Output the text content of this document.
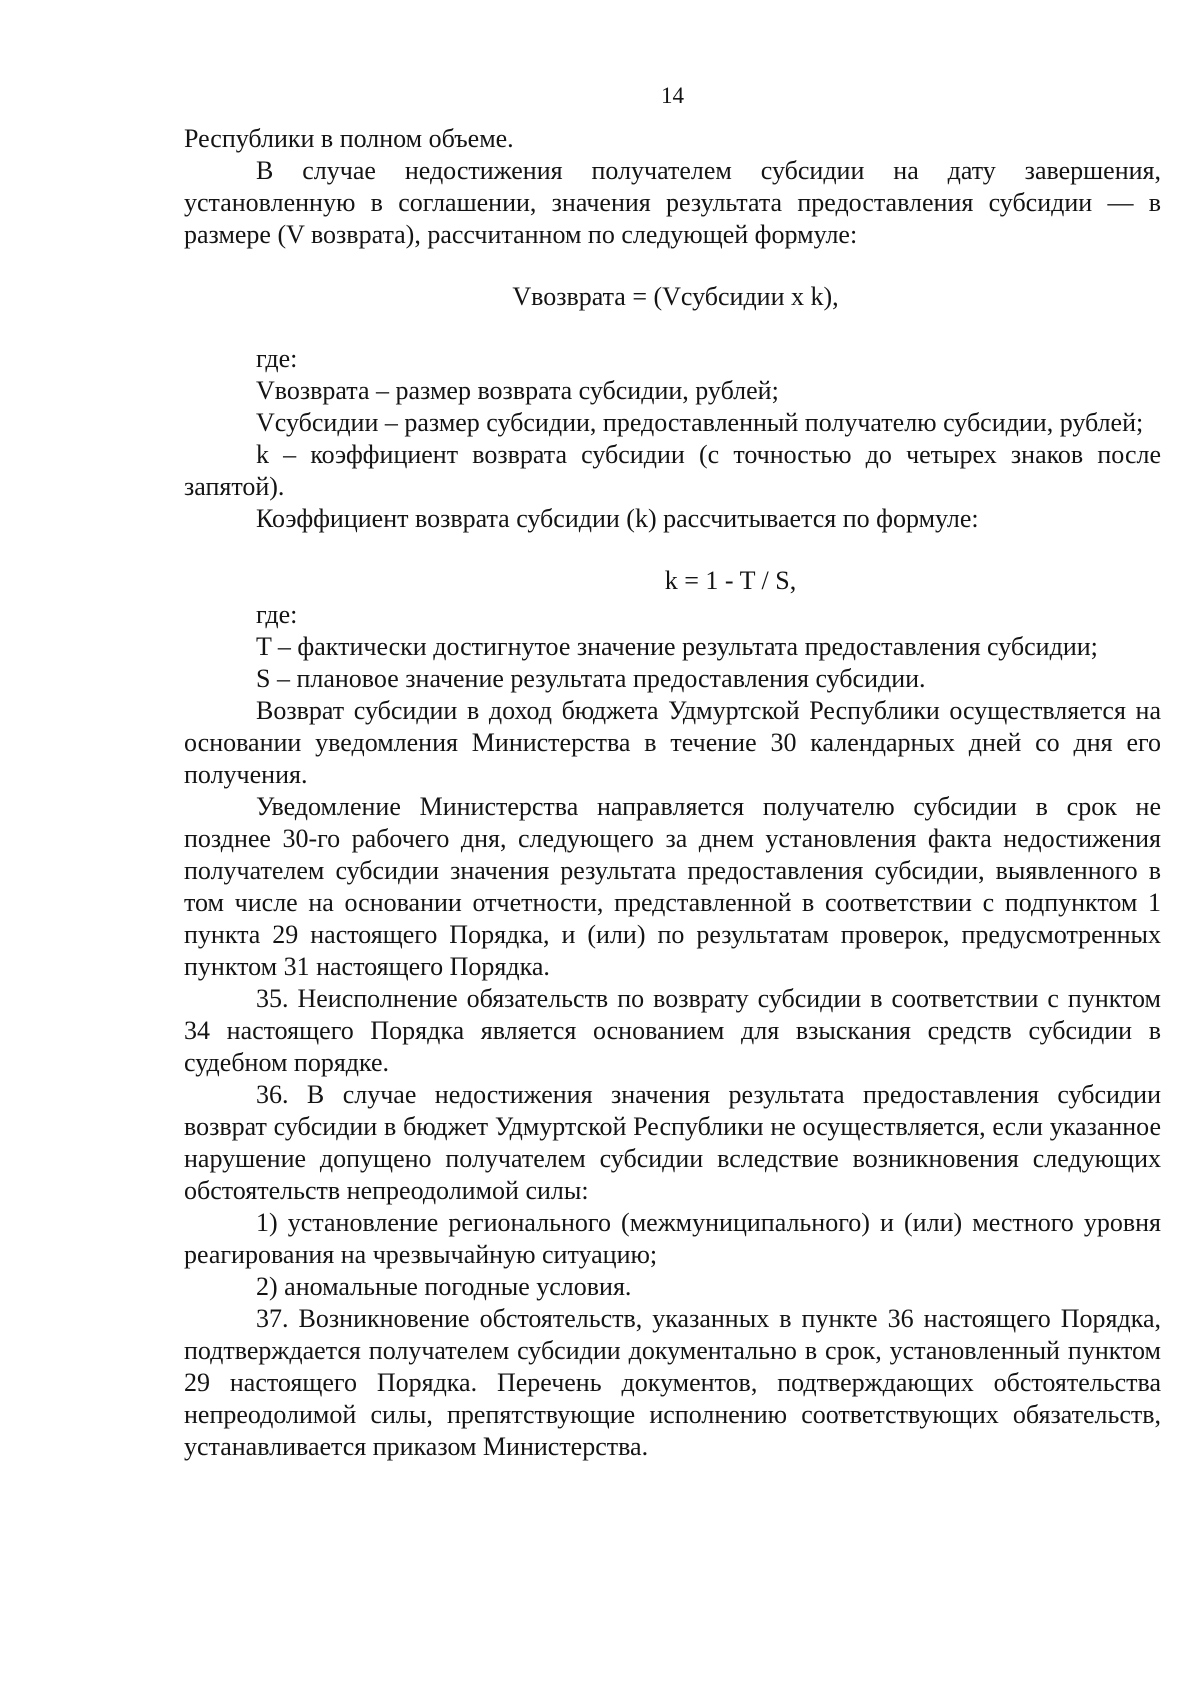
14

Республики в полном объеме.

В случае недостижения получателем субсидии на дату завершения, установленную в соглашении, значения результата предоставления субсидии — в размере (V возврата), рассчитанном по следующей формуле:

Vвозврата = (Vсубсидии x k),

где:

Vвозврата – размер возврата субсидии, рублей;

Vсубсидии – размер субсидии, предоставленный получателю субсидии, рублей;

k – коэффициент возврата субсидии (с точностью до четырех знаков после запятой).

Коэффициент возврата субсидии (k) рассчитывается по формуле:

k = 1 - T / S,

где:

T – фактически достигнутое значение результата предоставления субсидии;

S – плановое значение результата предоставления субсидии.

Возврат субсидии в доход бюджета Удмуртской Республики осуществляется на основании уведомления Министерства в течение 30 календарных дней со дня его получения.

Уведомление Министерства направляется получателю субсидии в срок не позднее 30-го рабочего дня, следующего за днем установления факта недостижения получателем субсидии значения результата предоставления субсидии, выявленного в том числе на основании отчетности, представленной в соответствии с подпунктом 1 пункта 29 настоящего Порядка, и (или) по результатам проверок, предусмотренных пунктом 31 настоящего Порядка.

35. Неисполнение обязательств по возврату субсидии в соответствии с пунктом 34 настоящего Порядка является основанием для взыскания средств субсидии в судебном порядке.

36. В случае недостижения значения результата предоставления субсидии возврат субсидии в бюджет Удмуртской Республики не осуществляется, если указанное нарушение допущено получателем субсидии вследствие возникновения следующих обстоятельств непреодолимой силы:

1) установление регионального (межмуниципального) и (или) местного уровня реагирования на чрезвычайную ситуацию;

2) аномальные погодные условия.

37. Возникновение обстоятельств, указанных в пункте 36 настоящего Порядка, подтверждается получателем субсидии документально в срок, установленный пунктом 29 настоящего Порядка. Перечень документов, подтверждающих обстоятельства непреодолимой силы, препятствующие исполнению соответствующих обязательств, устанавливается приказом Министерства.
